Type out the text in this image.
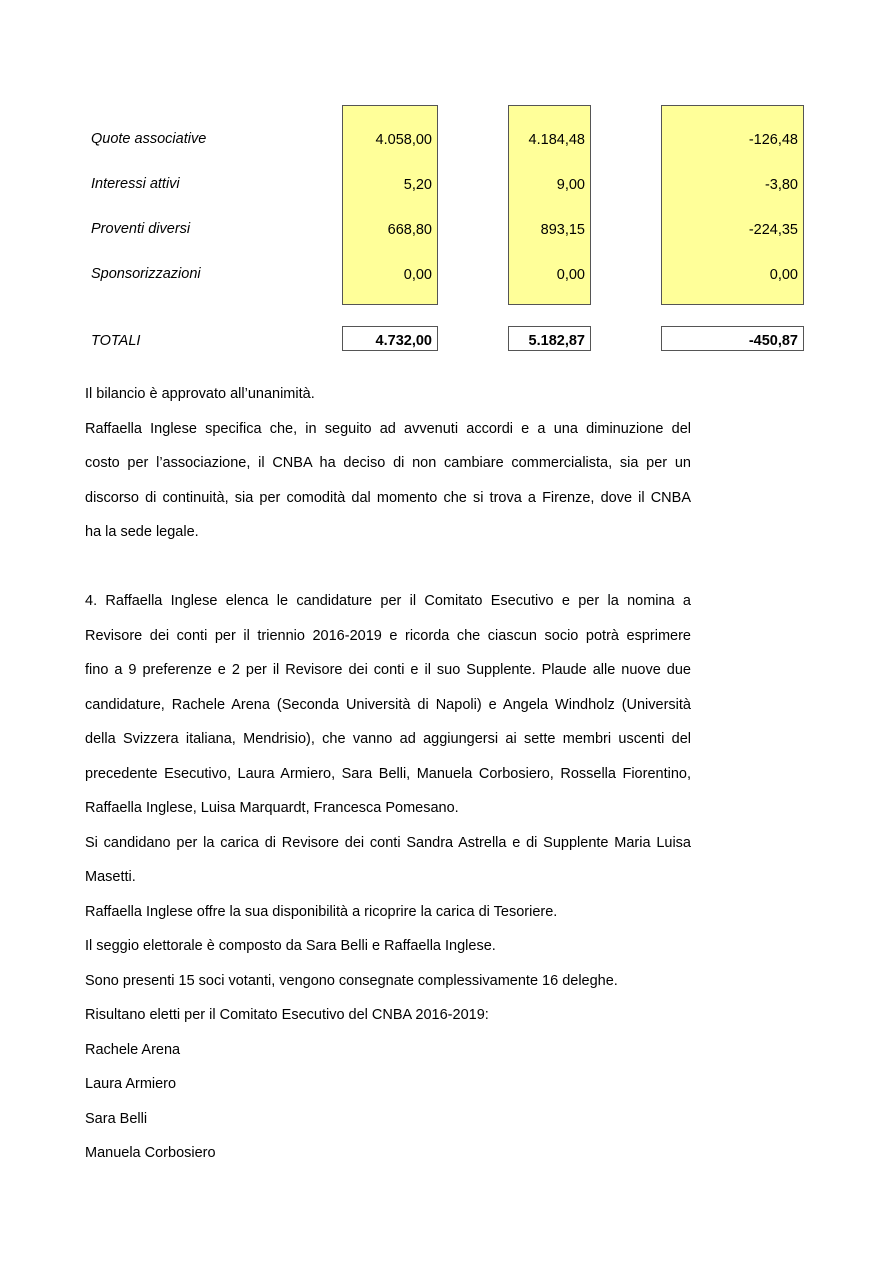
Quote associative	4.058,00	4.184,48	-126,48
Interessi attivi	5,20	9,00	-3,80
Proventi diversi	668,80	893,15	-224,35
Sponsorizzazioni	0,00	0,00	0,00
TOTALI	4.732,00	5.182,87	-450,87
Il bilancio è approvato all’unanimità.
Raffaella Inglese specifica che, in seguito ad avvenuti accordi e a una diminuzione del
costo per l’associazione, il CNBA ha deciso di non cambiare commercialista, sia per un
discorso di continuità, sia per comodità dal momento che si trova a Firenze, dove il CNBA
ha la sede legale.
4. Raffaella Inglese elenca le candidature per il Comitato Esecutivo e per la nomina a
Revisore dei conti per il triennio 2016-2019 e ricorda che ciascun socio potrà esprimere
fino a 9 preferenze e 2 per il Revisore dei conti e il suo Supplente. Plaude alle nuove due
candidature, Rachele Arena (Seconda Università di Napoli) e Angela Windholz (Università
della Svizzera italiana, Mendrisio), che vanno ad aggiungersi ai sette membri uscenti del
precedente Esecutivo, Laura Armiero, Sara Belli, Manuela Corbosiero, Rossella Fiorentino,
Raffaella Inglese, Luisa Marquardt, Francesca Pomesano.
Si candidano per la carica di Revisore dei conti Sandra Astrella e di Supplente Maria Luisa
Masetti.
Raffaella Inglese offre la sua disponibilità a ricoprire la carica di Tesoriere.
Il seggio elettorale è composto da Sara Belli e Raffaella Inglese.
Sono presenti 15 soci votanti, vengono consegnate complessivamente 16 deleghe.
Risultano eletti per il Comitato Esecutivo del CNBA 2016-2019:
Rachele Arena
Laura Armiero
Sara Belli
Manuela Corbosiero
